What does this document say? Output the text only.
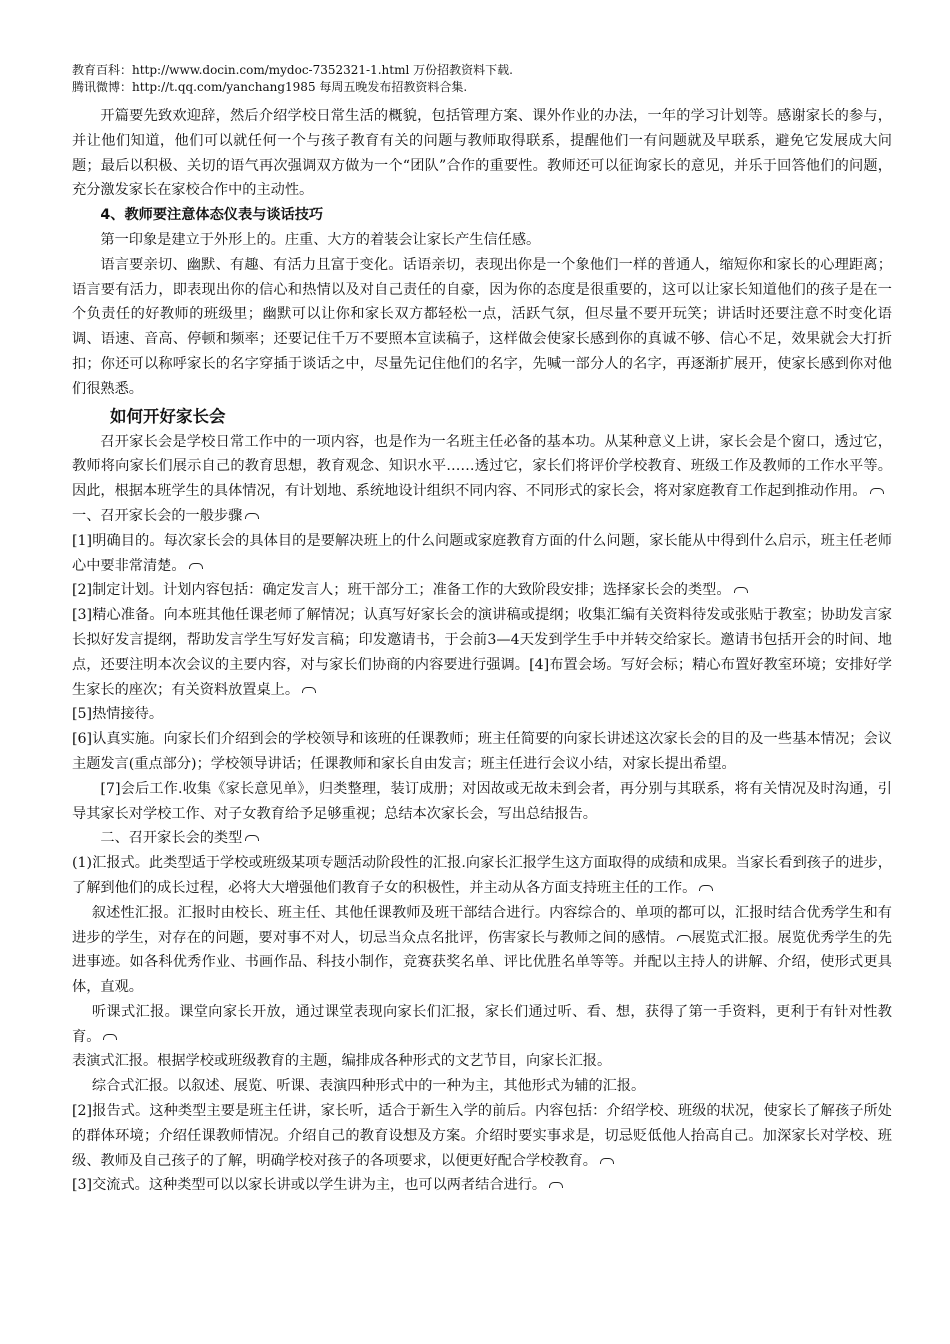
教育百科：http://www.docin.com/mydoc-7352321-1.html 万份招教资料下载.
腾讯微博：http://t.qq.com/yanchang1985 每周五晚发布招教资料合集.

开篇要先致欢迎辞，然后介绍学校日常生活的概貌，包括管理方案、课外作业的办法，一年的学习计划等。感谢家长的参与，并让他们知道，他们可以就任何一个与孩子教育有关的问题与教师取得联系，提醒他们一有问题就及早联系，避免它发展成大问题；最后以积极、关切的语气再次强调双方做为一个“团队”合作的重要性。教师还可以征询家长的意见，并乐于回答他们的问题，充分激发家长在家校合作中的主动性。

4、教师要注意体态仪表与谈话技巧

第一印象是建立于外形上的。庄重、大方的着装会让家长产生信任感。

语言要亲切、幽默、有趣、有活力且富于变化。话语亲切，表现出你是一个象他们一样的普通人，缩短你和家长的心理距离；语言要有活力，即表现出你的信心和热情以及对自己责任的自豪，因为你的态度是很重要的，这可以让家长知道他们的孩子是在一个负责任的好教师的班级里；幽默可以让你和家长双方都轻松一点，活跃气氛，但尽量不要开玩笑；讲话时还要注意不时变化语调、语速、音高、停顿和频率；还要记住千万不要照本宣读稿子，这样做会使家长感到你的真诚不够、信心不足，效果就会大打折扣；你还可以称呼家长的名字穿插于谈话之中，尽量先记住他们的名字，先喊一部分人的名字，再逐渐扩展开，使家长感到你对他们很熟悉。

如何开好家长会

召开家长会是学校日常工作中的一项内容，也是作为一名班主任必备的基本功。从某种意义上讲，家长会是个窗口，透过它，教师将向家长们展示自己的教育思想，教育观念、知识水平……透过它，家长们将评价学校教育、班级工作及教师的工作水平等。因此，根据本班学生的具体情况，有计划地、系统地设计组织不同内容、不同形式的家长会，将对家庭教育工作起到推动作用。

一、召开家长会的一般步骤

[1]明确目的。每次家长会的具体目的是要解决班上的什么问题或家庭教育方面的什么问题，家长能从中得到什么启示，班主任老师心中要非常清楚。

[2]制定计划。计划内容包括：确定发言人；班干部分工；准备工作的大致阶段安排；选择家长会的类型。

[3]精心准备。向本班其他任课老师了解情况；认真写好家长会的演讲稿或提纲；收集汇编有关资料待发或张贴于教室；协助发言家长拟好发言提纲，帮助发言学生写好发言稿；印发邀请书，于会前3—4天发到学生手中并转交给家长。邀请书包括开会的时间、地点，还要注明本次会议的主要内容，对与家长们协商的内容要进行强调。[4]布置会场。写好会标；精心布置好教室环境；安排好学生家长的座次；有关资料放置桌上。

[5]热情接待。

[6]认真实施。向家长们介绍到会的学校领导和该班的任课教师；班主任简要的向家长讲述这次家长会的目的及一些基本情况；会议主题发言(重点部分)；学校领导讲话；任课教师和家长自由发言；班主任进行会议小结，对家长提出希望。

[7]会后工作.收集《家长意见单》，归类整理，装订成册；对因故或无故未到会者，再分别与其联系，将有关情况及时沟通，引导其家长对学校工作、对子女教育给予足够重视；总结本次家长会，写出总结报告。

二、召开家长会的类型

(1)汇报式。此类型适于学校或班级某项专题活动阶段性的汇报.向家长汇报学生这方面取得的成绩和成果。当家长看到孩子的进步，了解到他们的成长过程，必将大大增强他们教育子女的积极性，并主动从各方面支持班主任的工作。

叙述性汇报。汇报时由校长、班主任、其他任课教师及班干部结合进行。内容综合的、单项的都可以，汇报时结合优秀学生和有进步的学生，对存在的问题，要对事不对人，切忌当众点名批评，伤害家长与教师之间的感情。 展览式汇报。展览优秀学生的先进事迹。如各科优秀作业、书画作品、科技小制作，竞赛获奖名单、评比优胜名单等等。并配以主持人的讲解、介绍，使形式更具体，直观。

听课式汇报。课堂向家长开放，通过课堂表现向家长们汇报，家长们通过听、看、想，获得了第一手资料，更利于有针对性教育。

表演式汇报。根据学校或班级教育的主题，编排成各种形式的文艺节目，向家长汇报。

综合式汇报。以叙述、展览、听课、表演四种形式中的一种为主，其他形式为辅的汇报。

[2]报告式。这种类型主要是班主任讲，家长听，适合于新生入学的前后。内容包括：介绍学校、班级的状况，使家长了解孩子所处的群体环境；介绍任课教师情况。介绍自己的教育设想及方案。介绍时要实事求是，切忌贬低他人抬高自己。加深家长对学校、班级、教师及自己孩子的了解，明确学校对孩子的各项要求，以便更好配合学校教育。

[3]交流式。这种类型可以以家长讲或以学生讲为主，也可以两者结合进行。
